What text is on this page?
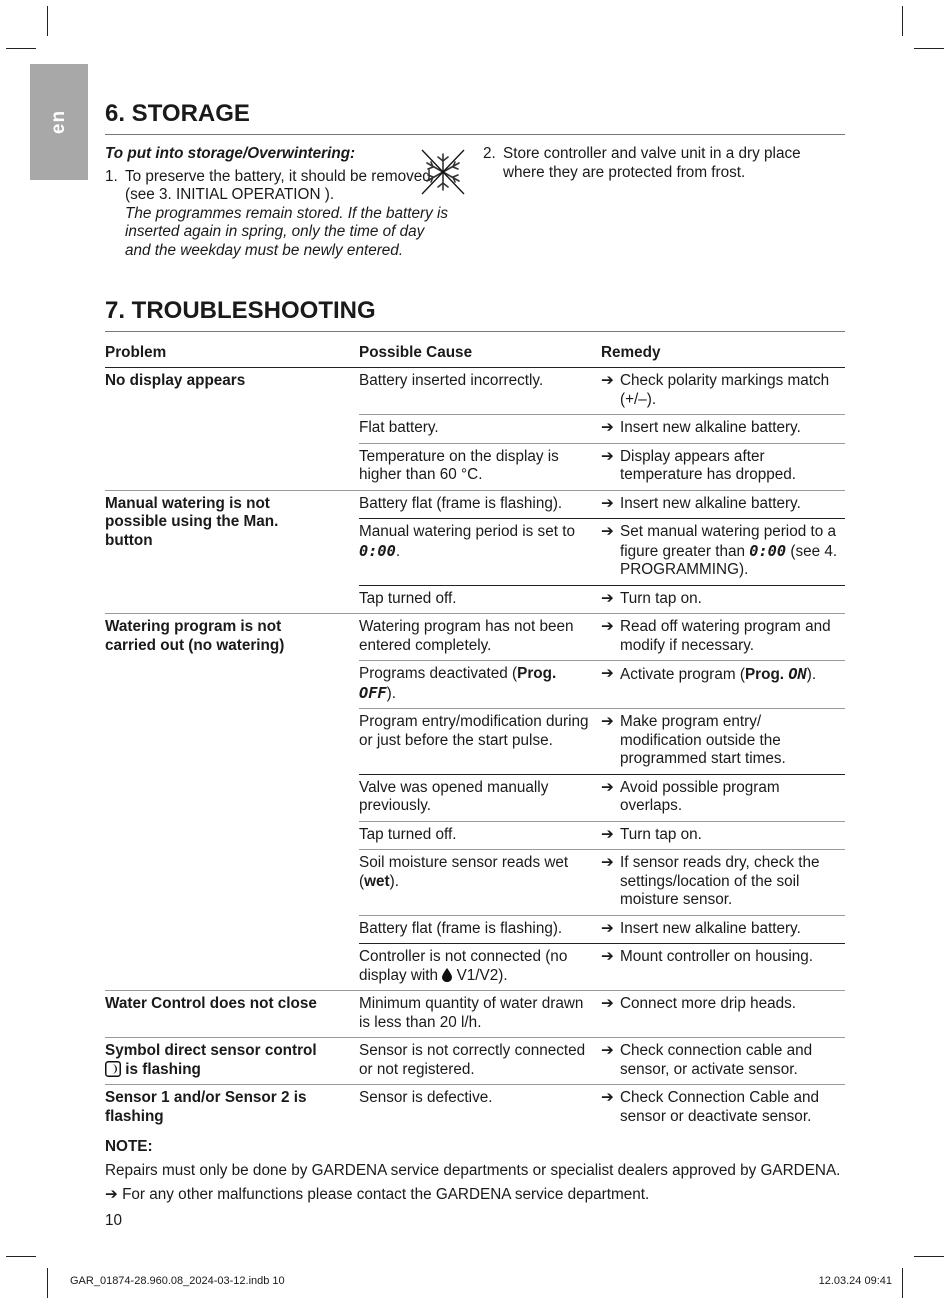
en 6. STORAGE
To put into storage/Overwintering:
1. To preserve the battery, it should be removed (see 3. INITIAL OPERATION ).
The programmes remain stored. If the battery is inserted again in spring, only the time of day and the weekday must be newly entered.
2. Store controller and valve unit in a dry place where they are protected from frost.
7. TROUBLESHOOTING
Problem	Possible Cause	Remedy
No display appears	Battery inserted incorrectly.	➔ Check polarity markings match (+/–).

	Flat battery.	➔ Insert new alkaline battery.

	Temperature on the display is higher than 60 °C.	➔ Display appears after temperature has dropped.

Manual watering is not possible using the Man. button	Battery flat (frame is flashing).	➔ Insert new alkaline battery.

	Manual watering period is set to 0:00.	➔ Set manual watering period to a figure greater than 0:00 (see 4. PROGRAMMING).

	Tap turned off.	➔ Turn tap on.

Watering program is not carried out (no watering)	Watering program has not been entered completely.	➔ Read off watering program and modify if necessary.

	Programs deactivated (Prog. OFF).	➔ Activate program (Prog. ON).

	Program entry/modification during or just before the start pulse.	➔ Make program entry/ modification outside the programmed start times.

	Valve was opened manually previously.	➔ Avoid possible program overlaps.

	Tap turned off.	➔ Turn tap on.

	Soil moisture sensor reads wet (wet).	➔ If sensor reads dry, check the settings/location of the soil moisture sensor.

	Battery flat (frame is flashing).	➔ Insert new alkaline battery.

	Controller is not connected (no display with  V1/V2).	➔ Mount controller on housing.

Water Control does not close	Minimum quantity of water drawn is less than 20 l/h.	➔ Connect more drip heads.

Symbol direct sensor control  is flashing	Sensor is not correctly connected or not registered.	➔ Check connection cable and sensor, or activate sensor.

Sensor 1 and/or Sensor 2 is flashing	Sensor is defective.	➔ Check Connection Cable and sensor or deactivate sensor.
NOTE:
Repairs must only be done by GARDENA service departments or specialist dealers approved by GARDENA.
➔ For any other malfunctions please contact the GARDENA service department.
10
GAR_01874-28.960.08_2024-03-12.indb 10	12.03.24 09:41
